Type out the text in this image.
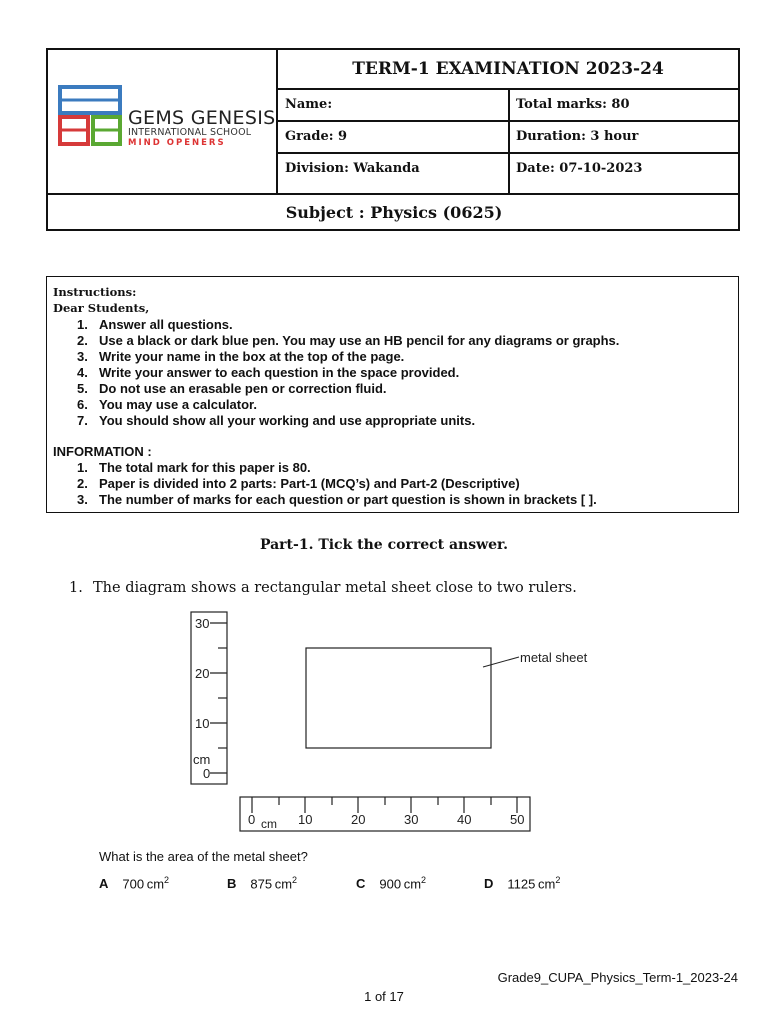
GEMS GENESIS
INTERNATIONAL SCHOOL
MIND OPENERS
TERM-1 EXAMINATION 2023-24
Name:	Total marks: 80
Grade: 9	Duration: 3 hour
Division: Wakanda	Date: 07-10-2023
Subject : Physics (0625)
Instructions:
Dear Students,
1. Answer all questions.
2. Use a black or dark blue pen. You may use an HB pencil for any diagrams or graphs.
3. Write your name in the box at the top of the page.
4. Write your answer to each question in the space provided.
5. Do not use an erasable pen or correction fluid.
6. You may use a calculator.
7. You should show all your working and use appropriate units.
INFORMATION :
1. The total mark for this paper is 80.
2. Paper is divided into 2 parts: Part-1 (MCQ’s) and Part-2 (Descriptive)
3. The number of marks for each question or part question is shown in brackets [ ].
Part-1. Tick the correct answer.
1. The diagram shows a rectangular metal sheet close to two rulers.
30
20
10
cm
0
metal sheet
0 cm 10	20	30	40	50
What is the area of the metal sheet?
A 700  $cm^2$	B 875  $cm^2$	C 900  $cm^2$	D 1125  $cm^2$
Grade9_CUPA_Physics_Term-1_2023-24
1 of 17
